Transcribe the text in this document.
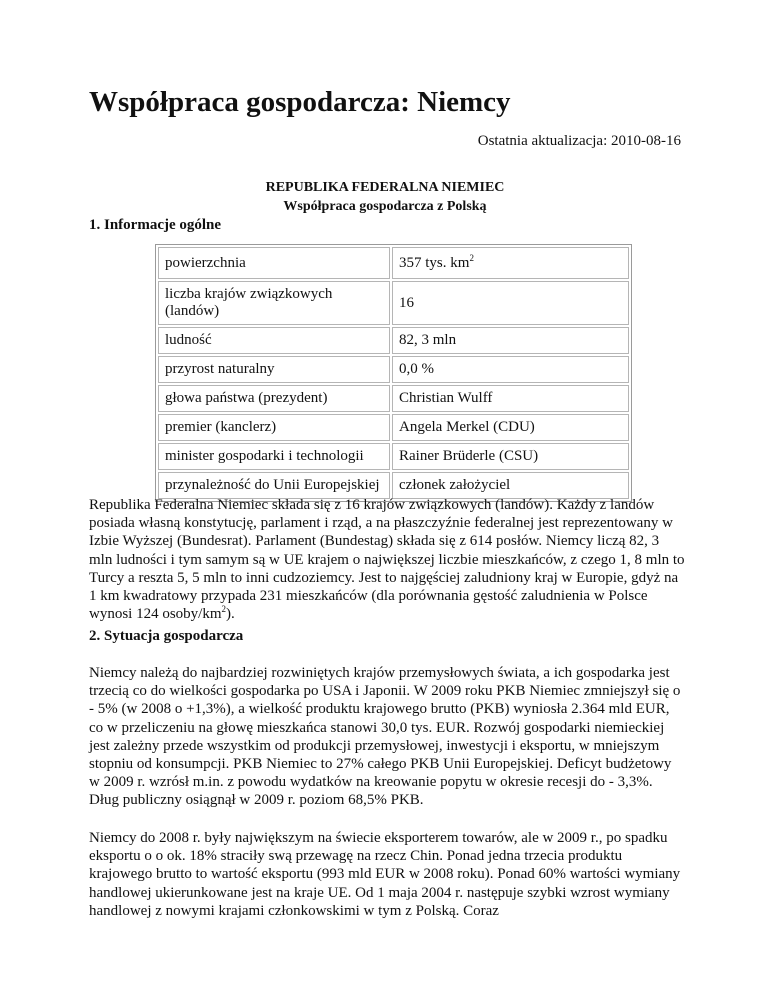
Współpraca gospodarcza: Niemcy
Ostatnia aktualizacja: 2010-08-16
REPUBLIKA FEDERALNA NIEMIEC
Współpraca gospodarcza z Polską
1. Informacje ogólne
powierzchnia	357 tys. $km^2$
liczba krajów związkowych (landów)	16
ludność	82, 3 mln
przyrost naturalny	0,0 %
głowa państwa (prezydent)	Christian Wulff
premier (kanclerz)	Angela Merkel (CDU)
minister gospodarki i technologii	Rainer Brüderle (CSU)
przynależność do Unii Europejskiej	członek założyciel
Republika Federalna Niemiec składa się z 16 krajów związkowych (landów). Każdy z landów posiada własną konstytucję, parlament i rząd, a na płaszczyźnie federalnej jest reprezentowany w Izbie Wyższej (Bundesrat). Parlament (Bundestag) składa się z 614 posłów. Niemcy liczą 82, 3 mln ludności i tym samym są w UE krajem o największej liczbie mieszkańców, z czego 1, 8 mln to Turcy a reszta 5, 5 mln to inni cudzoziemcy. Jest to najgęściej zaludniony kraj w Europie, gdyż na 1 km kwadratowy przypada 231 mieszkańców (dla porównania gęstość zaludnienia w Polsce wynosi 124 osoby/$km^2$).
2. Sytuacja gospodarcza
Niemcy należą do najbardziej rozwiniętych krajów przemysłowych świata, a ich gospodarka jest trzecią co do wielkości gospodarka po USA i Japonii. W 2009 roku PKB Niemiec zmniejszył się o - 5% (w 2008 o +1,3%), a wielkość produktu krajowego brutto (PKB) wyniosła 2.364 mld EUR, co w przeliczeniu na głowę mieszkańca stanowi 30,0 tys. EUR. Rozwój gospodarki niemieckiej jest zależny przede wszystkim od produkcji przemysłowej, inwestycji i eksportu, w mniejszym stopniu od konsumpcji. PKB Niemiec to 27% całego PKB Unii Europejskiej. Deficyt budżetowy w 2009 r. wzrósł m.in. z powodu wydatków na kreowanie popytu w okresie recesji do - 3,3%. Dług publiczny osiągnął w 2009 r. poziom 68,5% PKB.
Niemcy do 2008 r. były największym na świecie eksporterem towarów, ale w 2009 r., po spadku eksportu o o ok. 18% straciły swą przewagę na rzecz Chin. Ponad jedna trzecia produktu krajowego brutto to wartość eksportu (993 mld EUR w 2008 roku). Ponad 60% wartości wymiany handlowej ukierunkowane jest na kraje UE. Od 1 maja 2004 r. następuje szybki wzrost wymiany handlowej z nowymi krajami członkowskimi w tym z Polską. Coraz
